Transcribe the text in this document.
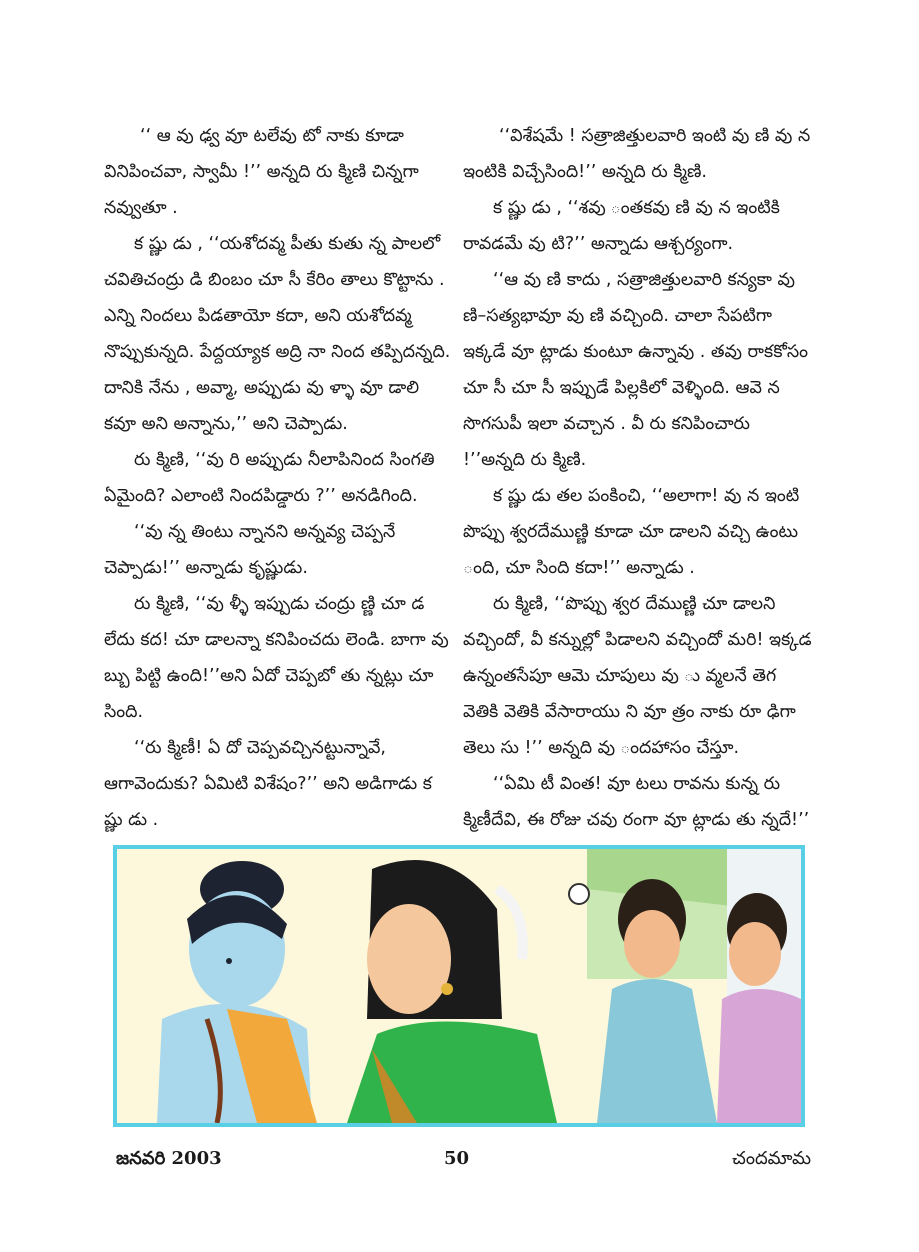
‘‘ ఆ వు ఢ్వ వూ టలేవు టో నాకు కూడా వినిపించవా, స్వామీ !’’ అన్నది రు క్మిణి చిన్నగా నవ్వుతూ .

క ష్ణు డు , ‘‘యశోదవ్మ పీతు కుతు న్న పాలలో చవితిచంద్రు డి బింబం చూ సీ కేరిం తాలు కొట్టాను . ఎన్ని నిందలు పిడతాయో కదా, అని యశోదవ్మ నొప్పుకున్నది. పేద్దయ్యాక అద్రి నా నింద తప్పిదన్నది. దానికి నేను , అవ్మా, అప్పుడు వు ళ్ళా వూ డాలి కవూ అని అన్నాను,’’ అని చెప్పాడు.

రు క్మిణి, ‘‘వు రి అప్పుడు నీలాపినింద సింగతి ఏమైంది? ఎలాంటి నిందపిడ్డారు ?’’ అనడిగింది.

‘‘వు న్న తింటు న్నానని అన్నవ్య చెప్పనే చెప్పాడు!’’ అన్నాడు కృష్ణుడు.

రు క్మిణి, ‘‘వు ళ్ళీ ఇప్పుడు చంద్రు ణ్ణి చూ డ లేదు కద! చూ డాలన్నా కనిపించదు లెండి. బాగా వు బ్బు పిట్టి ఉంది!’’అని ఏదో చెప్పబో తు న్నట్లు చూ సింది.

‘‘రు క్మిణీ! ఏ దో చెప్పవచ్చినట్టున్నావే, ఆగావెందుకు? ఏమిటి విశేషం?’’ అని అడిగాడు క ష్ణు డు .

‘‘విశేషమే ! సత్రాజిత్తులవారి ఇంటి వు ణి వు న ఇంటికి విచ్చేసింది!’’ అన్నది రు క్మిణి.

క ష్ణు డు , ‘‘శవు ంతకవు ణి వు న ఇంటికి రావడవేు వు టి?’’ అన్నాడు ఆశ్చర్యంగా.

‘‘ఆ వు ణి కాదు , సత్రాజిత్తులవారి కన్యకా వు ణి–సత్యభావూ వు ణి వచ్చింది. చాలా సేపటిగా ఇక్కడే వూ ట్లాడు కుంటూ ఉన్నావు . తవు రాకకోసం చూ సీ చూ సీ ఇప్పుడే పిల్లకిలో వెళ్ళింది. ఆవె న సొగసుపీ ఇలా వచ్చాన . వీ రు కనిపించారు !’’అన్నది రు క్మిణి.

క ష్ణు డు తల పంకించి, ‘‘అలాగా! వు న ఇంటి పొప్పు శ్వరదేముణ్ణి కూడా చూ డాలని వచ్చి ఉంటు ంది, చూ సింది కదా!’’ అన్నాడు .

రు క్మిణి, ‘‘పొప్పు శ్వర దేముణ్ణి చూ డాలని వచ్చిందో, వీ కన్నుల్లో పిడాలని వచ్చిందో మరి! ఇక్కడ ఉన్నంతసేపూ ఆమె చూపులు వు ు వ్మలనే తెగ వెతికి వెతికి వేసారాయు ని వూ త్రం నాకు రూ ఢిగా తెలు సు !’’ అన్నది వు ందహాసం చేస్తూ.

‘‘ఏవిు టీ వింత! వూ టలు రావను కున్న రు క్మిణీదేవి, ఈ రోజు చవు రంగా వూ ట్లాడు తు న్నదే!’’

జనవరి 2003	50	చందమామ
